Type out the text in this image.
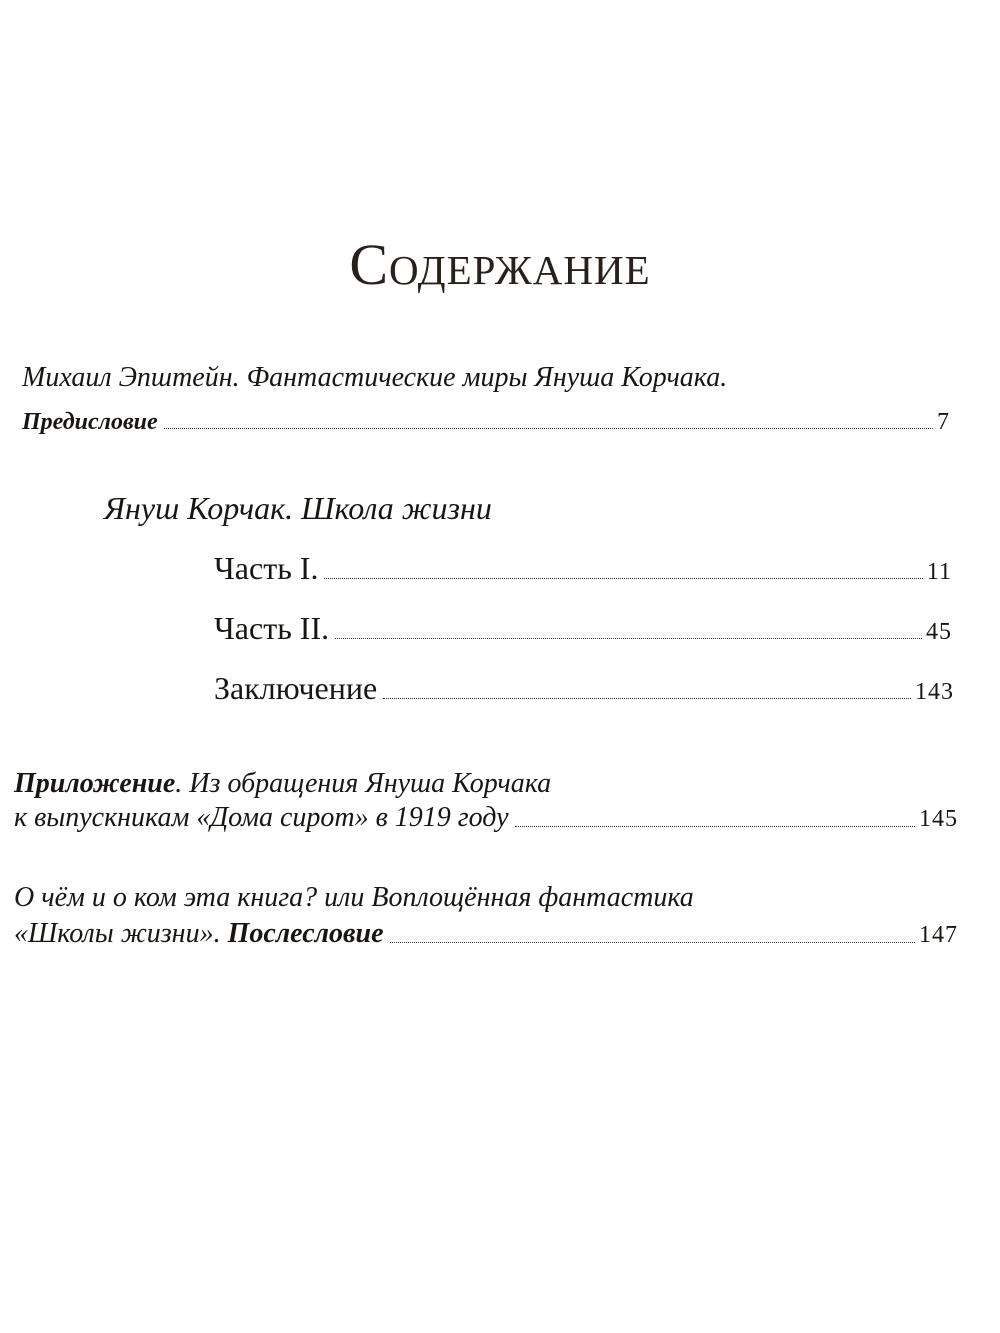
Содержание
Михаил Эпштейн. Фантастические миры Януша Корчака.
Предисловие	7
Януш Корчак. Школа жизни
Часть I.	11
Часть II.	45
Заключение	143
Приложение. Из обращения Януша Корчака
к выпускникам «Дома сирот» в 1919 году	145
О чём и о ком эта книга? или Воплощённая фантастика
«Школы жизни». Послесловие	147
